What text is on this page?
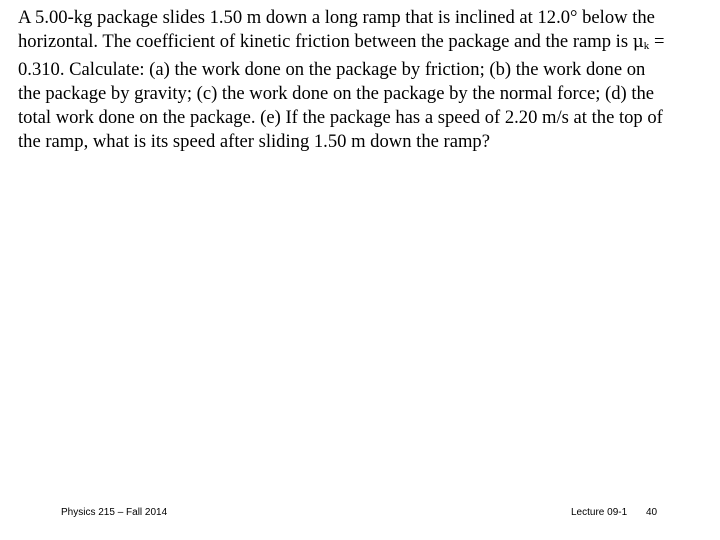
A 5.00-kg package slides 1.50 m down a long ramp that is inclined at 12.0° below the
horizontal. The coefficient of kinetic friction between the package and the ramp is μk =
0.310. Calculate: (a) the work done on the package by friction; (b) the work done on
the package by gravity; (c) the work done on the package by the normal force; (d) the
total work done on the package. (e) If the package has a speed of 2.20 m/s at the top of
the ramp, what is its speed after sliding 1.50 m down the ramp?

Physics 215 – Fall 2014	Lecture 09-1 40
